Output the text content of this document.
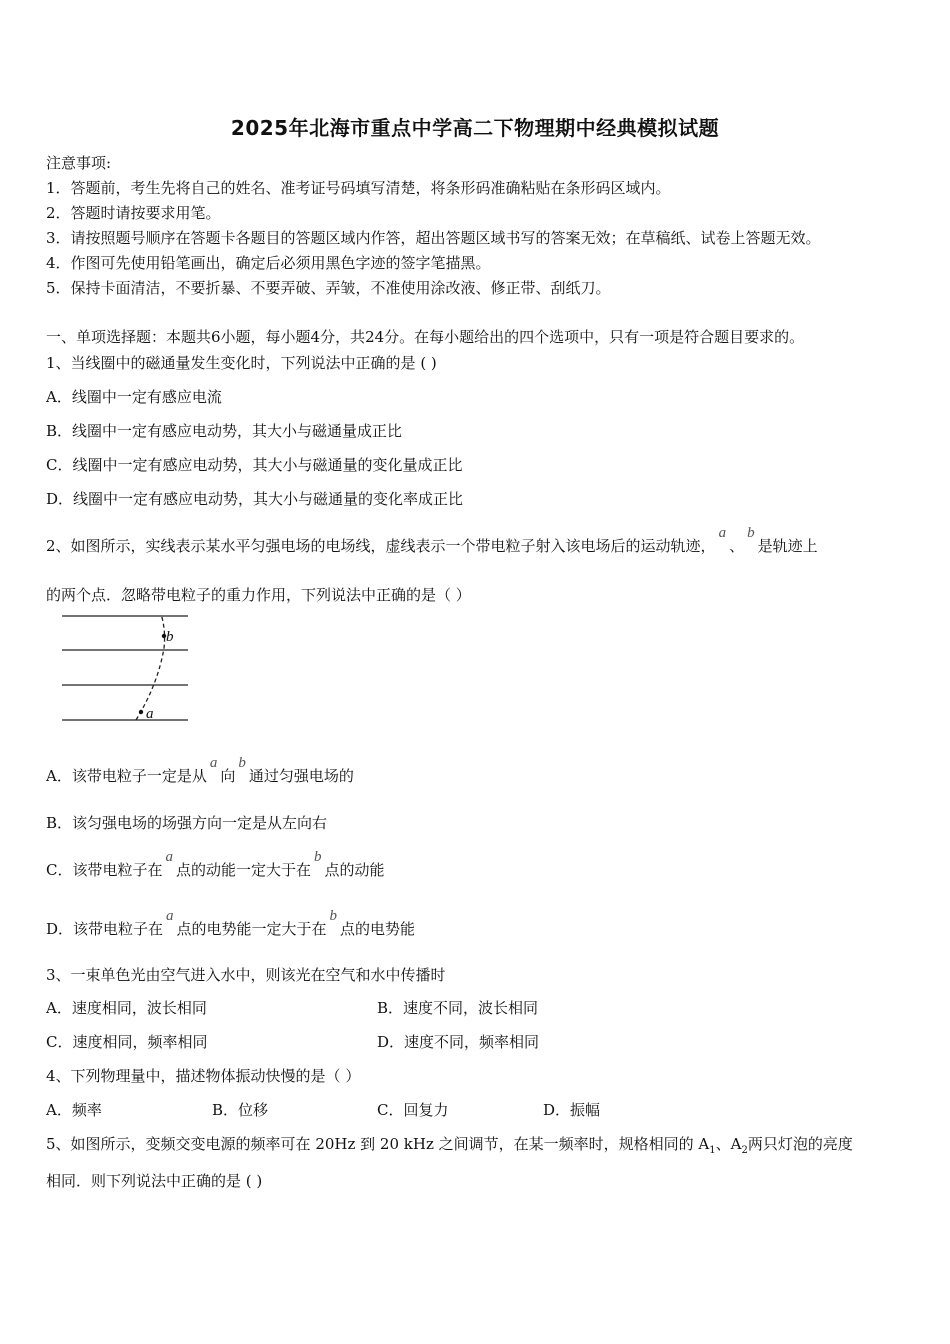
2025年北海市重点中学高二下物理期中经典模拟试题
注意事项:
1．答题前，考生先将自己的姓名、准考证号码填写清楚，将条形码准确粘贴在条形码区域内。
2．答题时请按要求用笔。
3．请按照题号顺序在答题卡各题目的答题区域内作答，超出答题区域书写的答案无效；在草稿纸、试卷上答题无效。
4．作图可先使用铅笔画出，确定后必须用黑色字迹的签字笔描黑。
5．保持卡面清洁，不要折暴、不要弄破、弄皱，不准使用涂改液、修正带、刮纸刀。
一、单项选择题：本题共6小题，每小题4分，共24分。在每小题给出的四个选项中，只有一项是符合题目要求的。
1、当线圈中的磁通量发生变化时，下列说法中正确的是 ( )
A．线圈中一定有感应电流
B．线圈中一定有感应电动势，其大小与磁通量成正比
C．线圈中一定有感应电动势，其大小与磁通量的变化量成正比
D．线圈中一定有感应电动势，其大小与磁通量的变化率成正比
2、如图所示，实线表示某水平匀强电场的电场线，虚线表示一个带电粒子射入该电场后的运动轨迹，a、b是轨迹上
的两个点．忽略带电粒子的重力作用，下列说法中正确的是（ ）
a
b
A．该带电粒子一定是从a向b通过匀强电场的
B．该匀强电场的场强方向一定是从左向右
C．该带电粒子在a点的动能一定大于在b点的动能
D．该带电粒子在a点的电势能一定大于在b点的电势能
3、一束单色光由空气进入水中，则该光在空气和水中传播时
A．速度相同，波长相同	B．速度不同，波长相同
C．速度相同，频率相同	D．速度不同，频率相同
4、下列物理量中，描述物体振动快慢的是（ ）
A．频率	B．位移	C．回复力	D．振幅
5、如图所示，变频交变电源的频率可在 20Hz 到 20 kHz 之间调节，在某一频率时，规格相同的 $A_1$、$A_2$两只灯泡的亮度
相同．则下列说法中正确的是 ( )
